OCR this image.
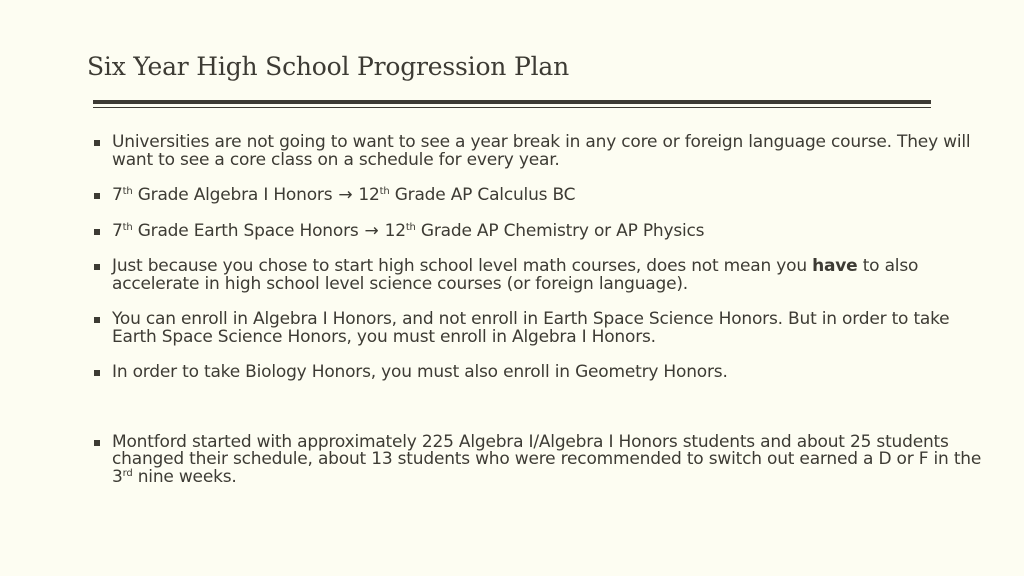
Six Year High School Progression Plan
Universities are not going to want to see a year break in any core or foreign language course. They will want to see a core class on a schedule for every year.
7th Grade Algebra I Honors → 12th Grade AP Calculus BC
7th Grade Earth Space Honors → 12th Grade AP Chemistry or AP Physics
Just because you chose to start high school level math courses, does not mean you have to also accelerate in high school level science courses (or foreign language).
You can enroll in Algebra I Honors, and not enroll in Earth Space Science Honors. But in order to take Earth Space Science Honors, you must enroll in Algebra I Honors.
In order to take Biology Honors, you must also enroll in Geometry Honors.
Montford started with approximately 225 Algebra I/Algebra I Honors students and about 25 students changed their schedule, about 13 students who were recommended to switch out earned a D or F in the 3rd nine weeks.
